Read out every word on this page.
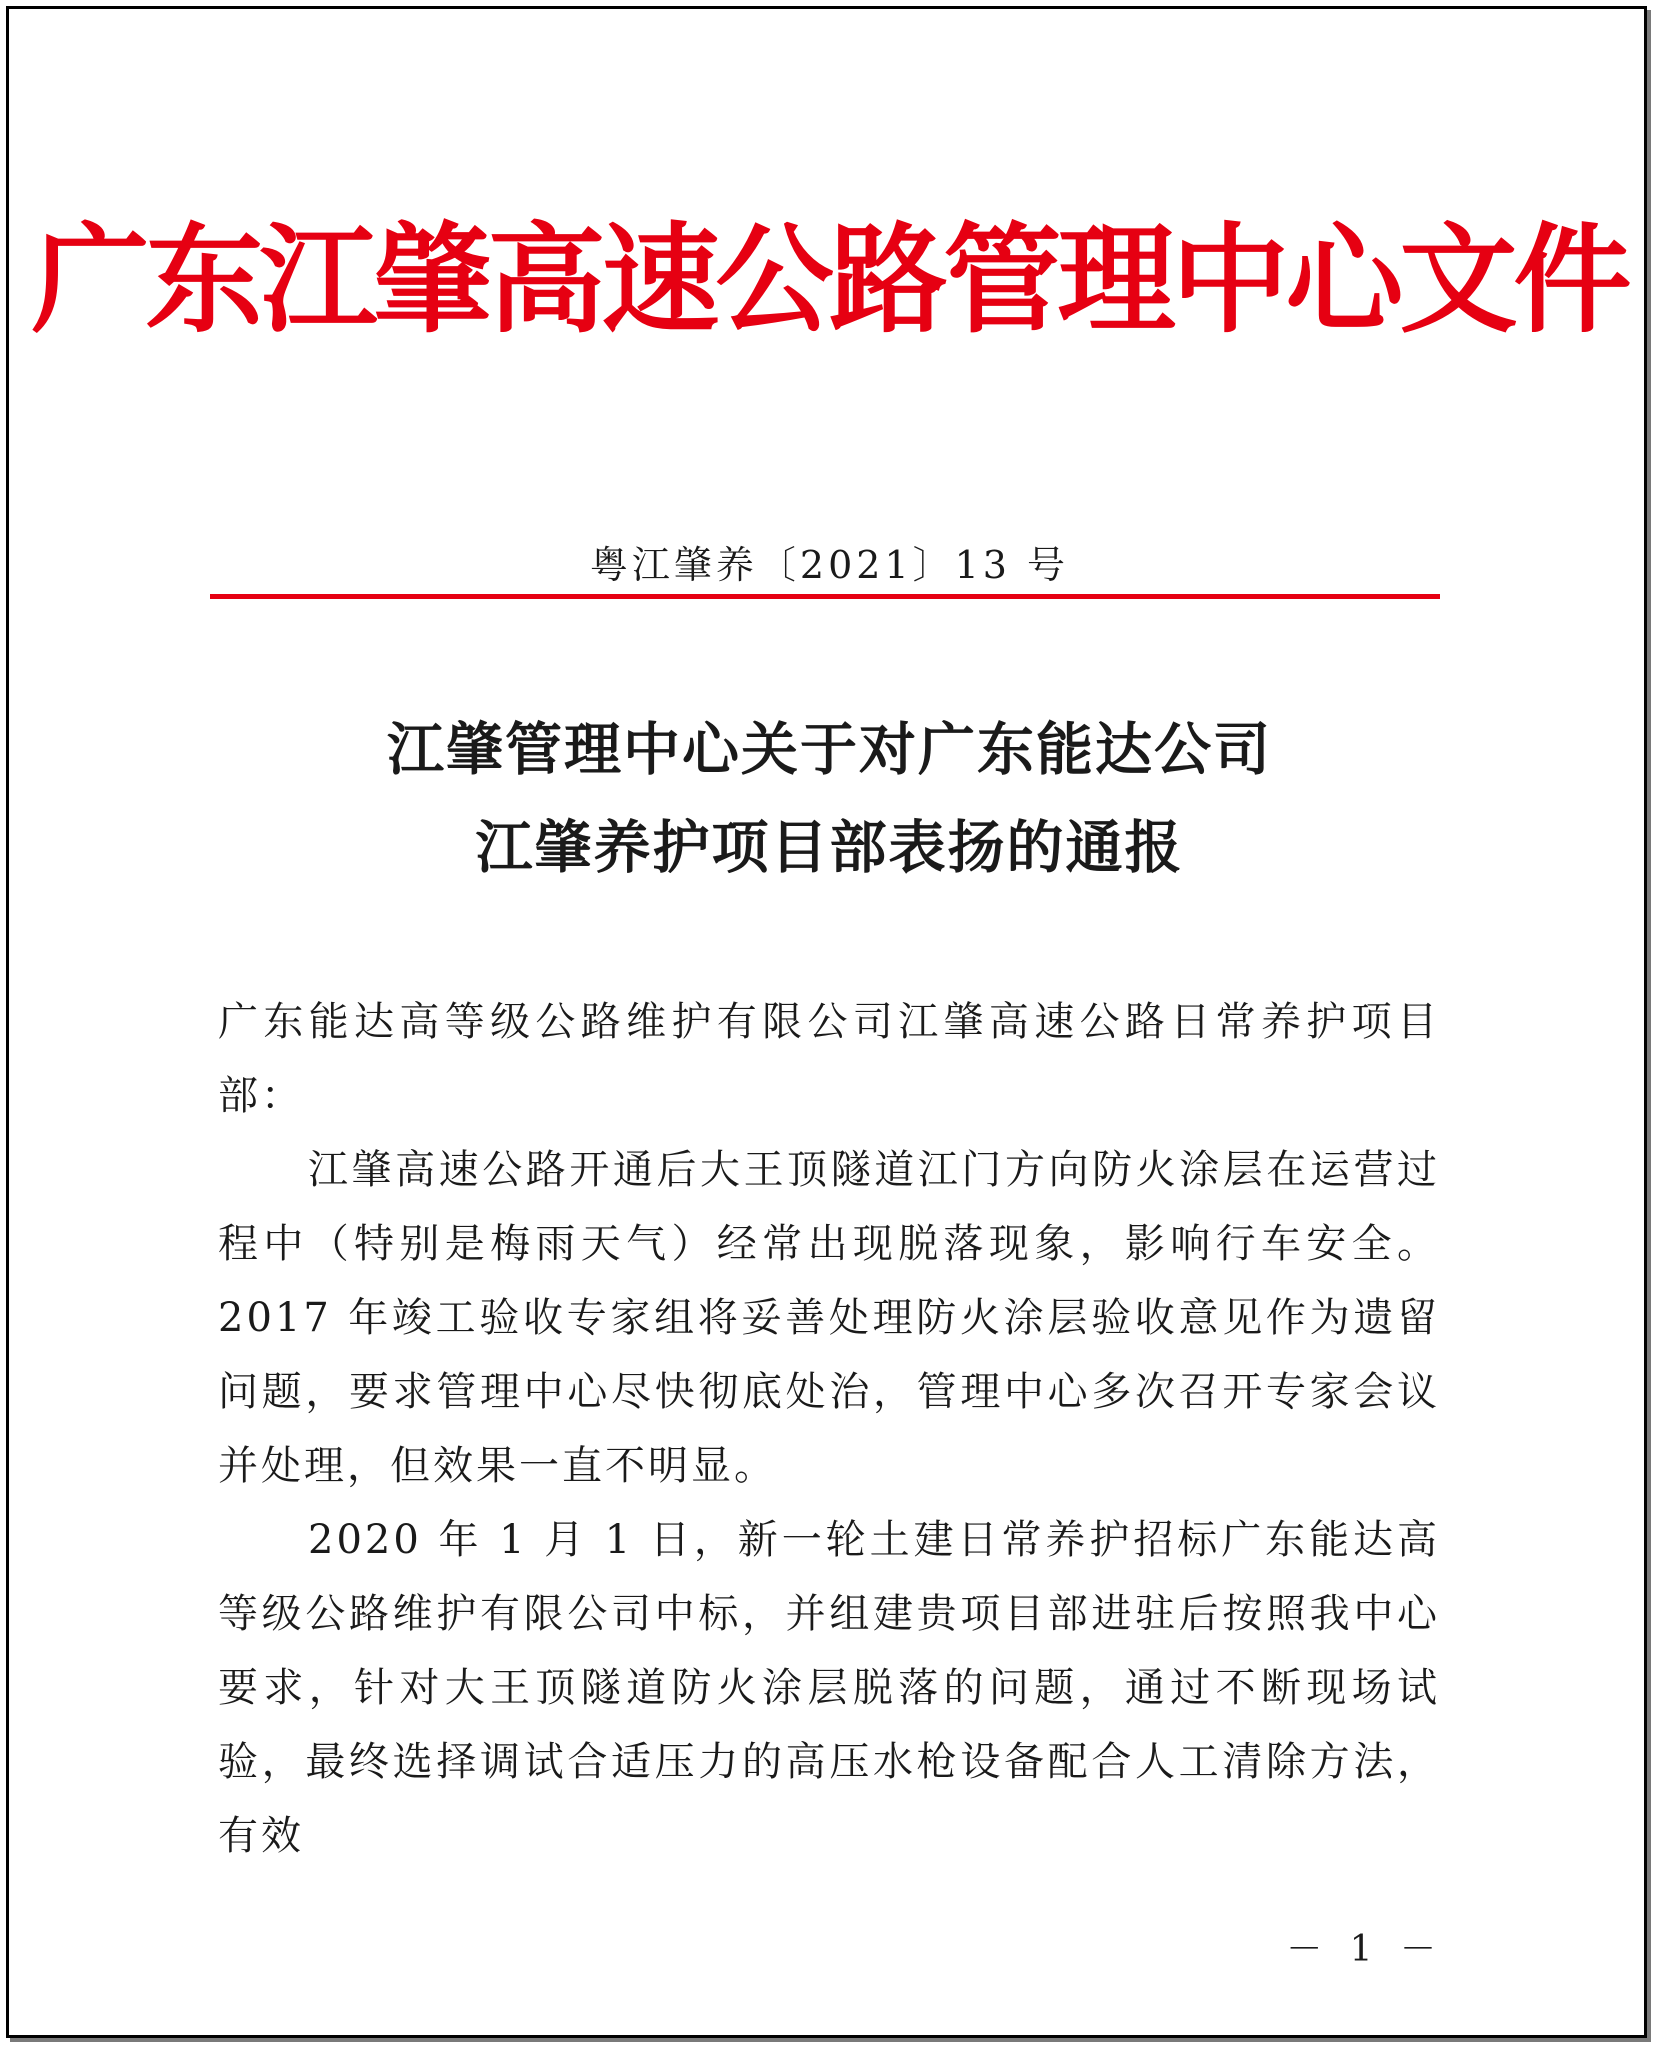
广东江肇高速公路管理中心文件
粤江肇养〔2021〕13 号
江肇管理中心关于对广东能达公司
江肇养护项目部表扬的通报
广东能达高等级公路维护有限公司江肇高速公路日常养护项目部：
江肇高速公路开通后大王顶隧道江门方向防火涂层在运营过程中（特别是梅雨天气）经常出现脱落现象，影响行车安全。2017 年竣工验收专家组将妥善处理防火涂层验收意见作为遗留问题，要求管理中心尽快彻底处治，管理中心多次召开专家会议并处理，但效果一直不明显。
2020 年 1 月 1 日，新一轮土建日常养护招标广东能达高等级公路维护有限公司中标，并组建贵项目部进驻后按照我中心要求，针对大王顶隧道防火涂层脱落的问题，通过不断现场试验，最终选择调试合适压力的高压水枪设备配合人工清除方法，有效
－ 1 －
